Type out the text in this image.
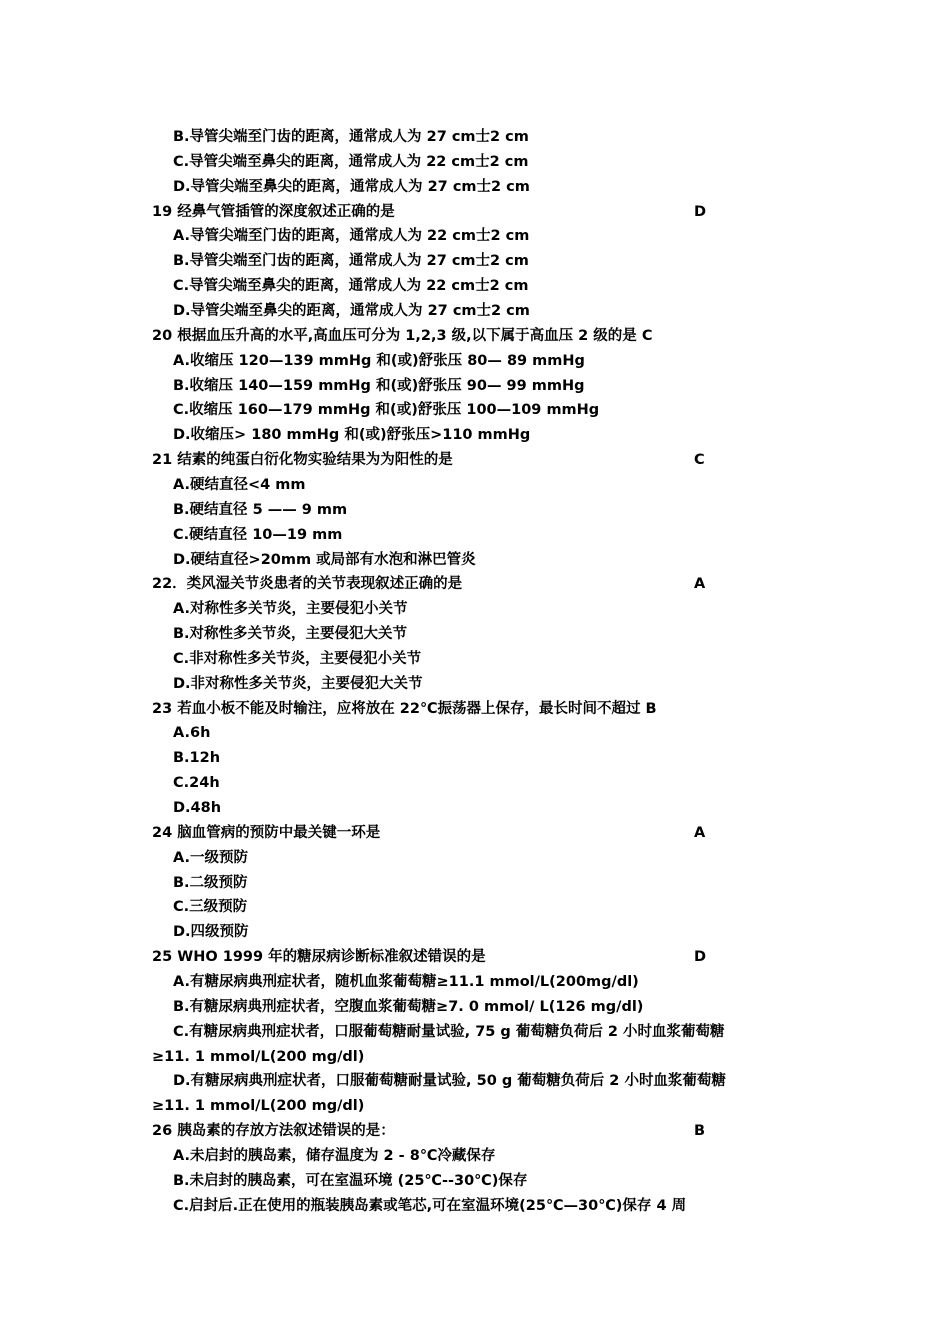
B.导管尖端至门齿的距离，通常成人为 27 cm士2 cm
C.导管尖端至鼻尖的距离，通常成人为 22 cm士2 cm
D.导管尖端至鼻尖的距离，通常成人为 27 cm士2 cm
19 经鼻气管插管的深度叙述正确的是	D
A.导管尖端至门齿的距离，通常成人为 22 cm士2 cm
B.导管尖端至门齿的距离，通常成人为 27 cm士2 cm
C.导管尖端至鼻尖的距离，通常成人为 22 cm士2 cm
D.导管尖端至鼻尖的距离，通常成人为 27 cm士2 cm
20 根据血压升高的水平,高血压可分为 1,2,3 级,以下属于高血压 2 级的是 C
A.收缩压 120—139 mmHg 和(或)舒张压 80— 89 mmHg
B.收缩压 140—159 mmHg 和(或)舒张压 90— 99 mmHg
C.收缩压 160—179 mmHg 和(或)舒张压 100—109 mmHg
D.收缩压> 180 mmHg 和(或)舒张压>110 mmHg
21 结素的纯蛋白衍化物实验结果为为阳性的是	C
A.硬结直径<4 mm
B.硬结直径 5 —— 9 mm
C.硬结直径 10—19 mm
D.硬结直径>20mm 或局部有水泡和淋巴管炎
22．类风湿关节炎患者的关节表现叙述正确的是	A
A.对称性多关节炎，主要侵犯小关节
B.对称性多关节炎，主要侵犯大关节
C.非对称性多关节炎，主要侵犯小关节
D.非对称性多关节炎，主要侵犯大关节
23 若血小板不能及时输注，应将放在 22℃振荡器上保存，最长时间不超过 B
A.6h
B.12h
C.24h
D.48h
24 脑血管病的预防中最关键一环是	A
A.一级预防
B.二级预防
C.三级预防
D.四级预防
25 WHO 1999 年的糖尿病诊断标准叙述错误的是	D
A.有糖尿病典刑症状者，随机血浆葡萄糖≥11.1 mmol/L(200mg/dl)
B.有糖尿病典刑症状者，空腹血浆葡萄糖≥7. 0 mmol/ L(126 mg/dl)
C.有糖尿病典刑症状者，口服葡萄糖耐量试验, 75 g 葡萄糖负荷后 2 小时血浆葡萄糖
≥11. 1 mmol/L(200 mg/dl)
D.有糖尿病典刑症状者，口服葡萄糖耐量试验, 50 g 葡萄糖负荷后 2 小时血浆葡萄糖
≥11. 1 mmol/L(200 mg/dl)
26 胰岛素的存放方法叙述错误的是：	B
A.未启封的胰岛素，储存温度为 2 - 8℃冷藏保存
B.未启封的胰岛素，可在室温环境 (25℃--30℃)保存
C.启封后.正在使用的瓶装胰岛素或笔芯,可在室温环境(25℃—30℃)保存 4 周
